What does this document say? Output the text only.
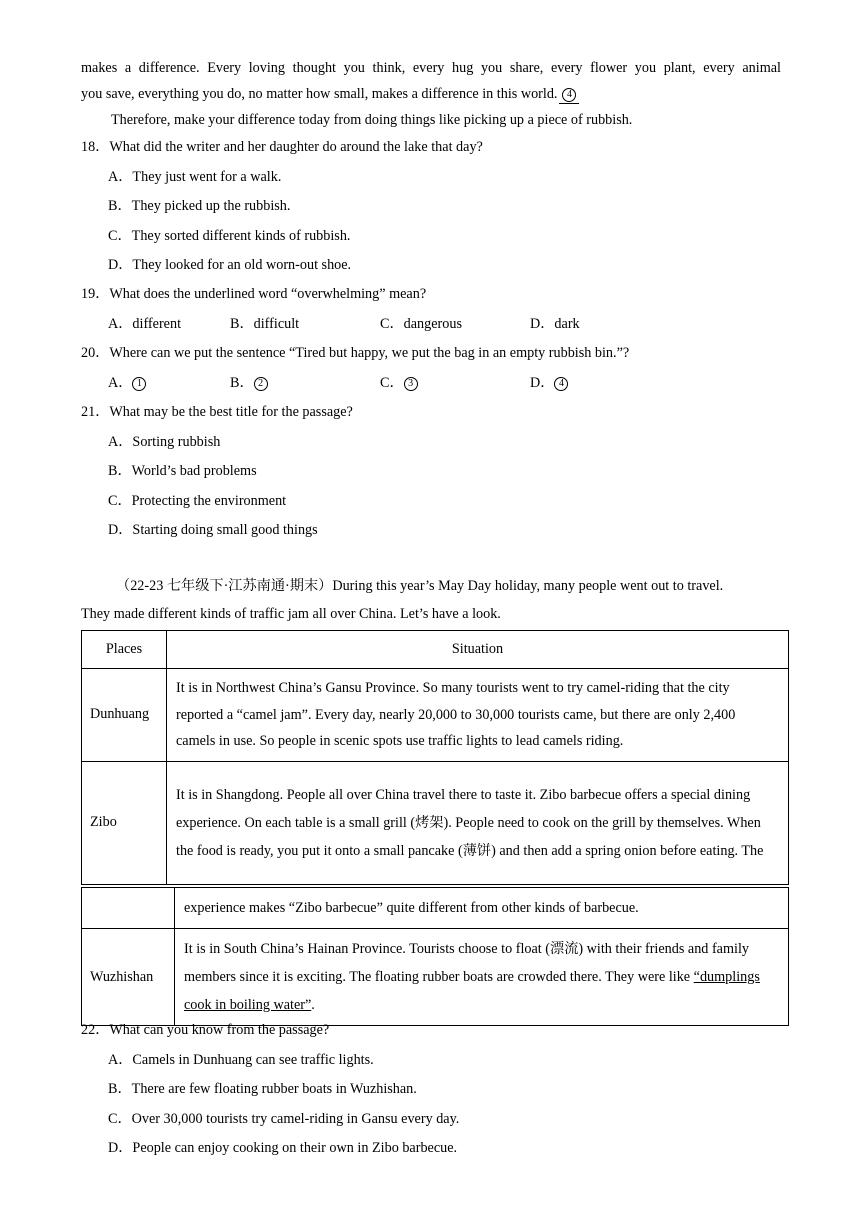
makes a difference. Every loving thought you think, every hug you share, every flower you plant, every animal
you save, everything you do, no matter how small, makes a difference in this world. 4
Therefore, make your difference today from doing things like picking up a piece of rubbish.
18．What did the writer and her daughter do around the lake that day?
A．They just went for a walk.
B．They picked up the rubbish.
C．They sorted different kinds of rubbish.
D．They looked for an old worn-out shoe.
19．What does the underlined word “overwhelming” mean?
A．different	B．difficult	C．dangerous	D．dark
20．Where can we put the sentence “Tired but happy, we put the bag in an empty rubbish bin.”?
A． 1	B． 2	C． 3	D． 4
21．What may be the best title for the passage?
A．Sorting rubbish
B．World’s bad problems
C．Protecting the environment
D．Starting doing small good things
（22-23 七年级下·江苏南通·期末）During this year’s May Day holiday, many people went out to travel.
They made different kinds of traffic jam all over China. Let’s have a look.
Places	Situation
Dunhuang	It is in Northwest China’s Gansu Province. So many tourists went to try camel-riding that the city reported a “camel jam”. Every day, nearly 20,000 to 30,000 tourists came, but there are only 2,400 camels in use. So people in scenic spots use traffic lights to lead camels riding.
Zibo	It is in Shangdong. People all over China travel there to taste it. Zibo barbecue offers a special dining experience. On each table is a small grill (烤架). People need to cook on the grill by themselves. When the food is ready, you put it onto a small pancake (薄饼) and then add a spring onion before eating. The
	experience makes “Zibo barbecue” quite different from other kinds of barbecue.
Wuzhishan	It is in South China’s Hainan Province. Tourists choose to float (漂流) with their friends and family members since it is exciting. The floating rubber boats are crowded there. They were like “dumplings cook in boiling water”.
22．What can you know from the passage?
A．Camels in Dunhuang can see traffic lights.
B．There are few floating rubber boats in Wuzhishan.
C．Over 30,000 tourists try camel-riding in Gansu every day.
D．People can enjoy cooking on their own in Zibo barbecue.
